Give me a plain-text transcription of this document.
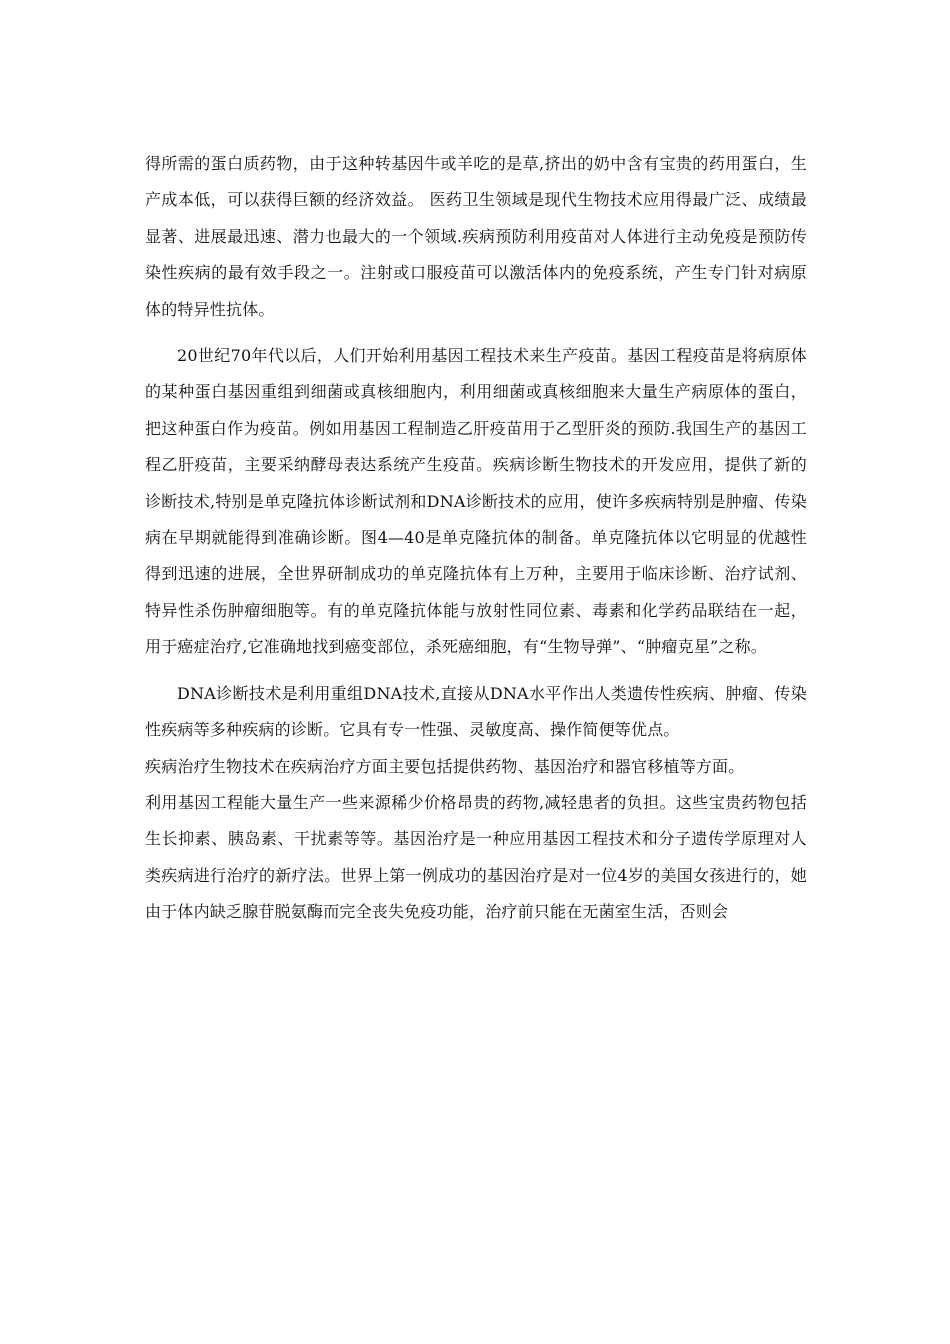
得所需的蛋白质药物，由于这种转基因牛或羊吃的是草,挤出的奶中含有宝贵的药用蛋白，生产成本低，可以获得巨额的经济效益。 医药卫生领域是现代生物技术应用得最广泛、成绩最显著、进展最迅速、潜力也最大的一个领域.疾病预防利用疫苗对人体进行主动免疫是预防传染性疾病的最有效手段之一。注射或口服疫苗可以激活体内的免疫系统，产生专门针对病原体的特异性抗体。

20世纪70年代以后，人们开始利用基因工程技术来生产疫苗。基因工程疫苗是将病原体的某种蛋白基因重组到细菌或真核细胞内，利用细菌或真核细胞来大量生产病原体的蛋白，把这种蛋白作为疫苗。例如用基因工程制造乙肝疫苗用于乙型肝炎的预防.我国生产的基因工程乙肝疫苗，主要采纳酵母表达系统产生疫苗。疾病诊断生物技术的开发应用，提供了新的诊断技术,特别是单克隆抗体诊断试剂和DNA诊断技术的应用，使许多疾病特别是肿瘤、传染病在早期就能得到准确诊断。图4—40是单克隆抗体的制备。单克隆抗体以它明显的优越性得到迅速的进展，全世界研制成功的单克隆抗体有上万种，主要用于临床诊断、治疗试剂、特异性杀伤肿瘤细胞等。有的单克隆抗体能与放射性同位素、毒素和化学药品联结在一起，用于癌症治疗,它准确地找到癌变部位，杀死癌细胞，有“生物导弹”、“肿瘤克星”之称。

DNA诊断技术是利用重组DNA技术,直接从DNA水平作出人类遗传性疾病、肿瘤、传染性疾病等多种疾病的诊断。它具有专一性强、灵敏度高、操作简便等优点。

疾病治疗生物技术在疾病治疗方面主要包括提供药物、基因治疗和器官移植等方面。

利用基因工程能大量生产一些来源稀少价格昂贵的药物,减轻患者的负担。这些宝贵药物包括生长抑素、胰岛素、干扰素等等。基因治疗是一种应用基因工程技术和分子遗传学原理对人类疾病进行治疗的新疗法。世界上第一例成功的基因治疗是对一位4岁的美国女孩进行的，她由于体内缺乏腺苷脱氨酶而完全丧失免疫功能，治疗前只能在无菌室生活，否则会
